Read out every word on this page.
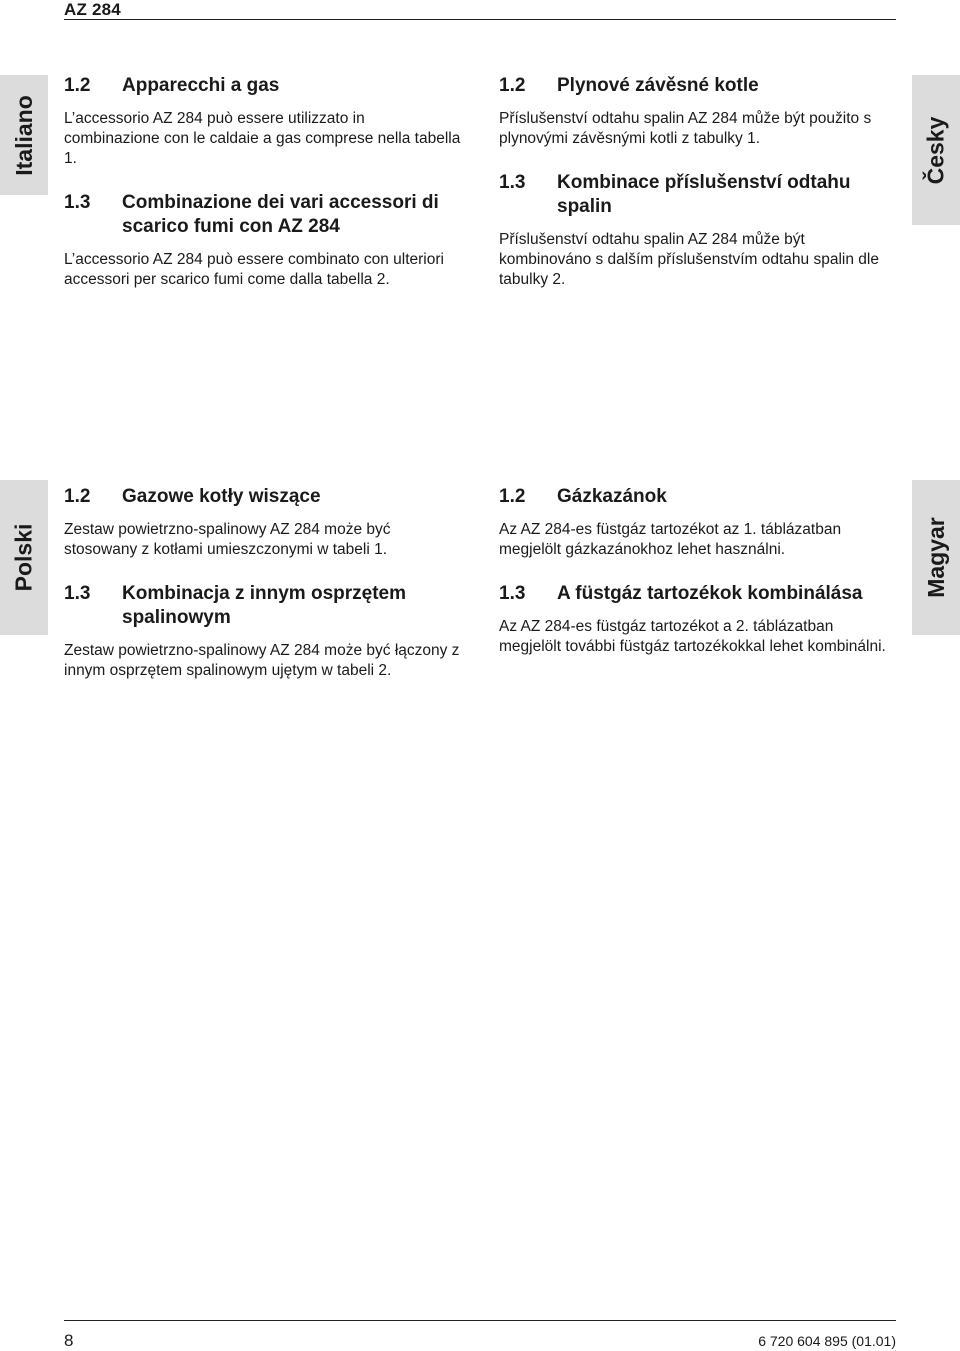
AZ 284
Italiano	Česky
Polski	Magyar
1.2	Apparecchi a gas

L’accessorio AZ 284 può essere utilizzato in combinazione con le caldaie a gas comprese nella tabella 1.

1.3	Combinazione dei vari accessori di scarico fumi con AZ 284

L’accessorio AZ 284 può essere combinato con ulteriori accessori per scarico fumi come dalla tabella 2.

1.2	Plynové závěsné kotle

Příslušenství odtahu spalin AZ 284 může být použito s plynovými závěsnými kotli z tabulky 1.

1.3	Kombinace příslušenství odtahu spalin

Příslušenství odtahu spalin AZ 284 může být kombinováno s dalším příslušenstvím odtahu spalin dle tabulky 2.

1.2	Gazowe kotły wiszące

Zestaw powietrzno-spalinowy AZ 284 może być stosowany z kotłami umieszczonymi w tabeli 1.

1.3	Kombinacja z innym osprzętem spalinowym

Zestaw powietrzno-spalinowy AZ 284 może być łączony z innym osprzętem spalinowym ujętym w tabeli 2.

1.2	Gázkazánok

Az AZ 284-es füstgáz tartozékot az 1. táblázatban megjelölt gázkazánokhoz lehet használni.

1.3	A füstgáz tartozékok kombinálása

Az AZ 284-es füstgáz tartozékot a 2. táblázatban megjelölt további füstgáz tartozékokkal lehet kombinálni.

8	6 720 604 895 (01.01)
